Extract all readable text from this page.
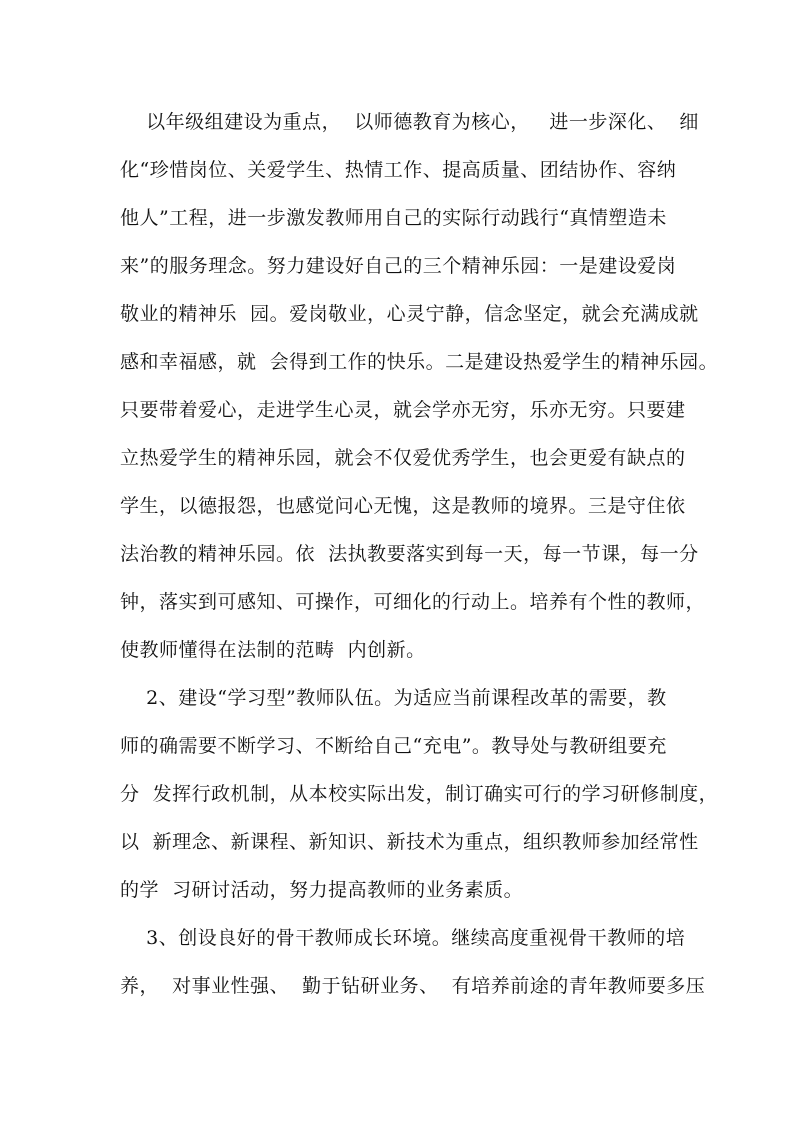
以年级组建设为重点，  以师德教育为核心，   进一步深化、  细
化“珍惜岗位、关爱学生、热情工作、提高质量、团结协作、容纳
他人”工程，进一步激发教师用自己的实际行动践行“真情塑造未
来”的服务理念。努力建设好自己的三个精神乐园：一是建设爱岗
敬业的精神乐  园。爱岗敬业，心灵宁静，信念坚定，就会充满成就
感和幸福感，就  会得到工作的快乐。二是建设热爱学生的精神乐园。
只要带着爱心，走进学生心灵，就会学亦无穷，乐亦无穷。只要建
立热爱学生的精神乐园，就会不仅爱优秀学生，也会更爱有缺点的
学生，以德报怨，也感觉问心无愧，这是教师的境界。三是守住依
法治教的精神乐园。依  法执教要落实到每一天，每一节课，每一分
钟，落实到可感知、可操作，可细化的行动上。培养有个性的教师，
使教师懂得在法制的范畴  内创新。
2、建设“学习型”教师队伍。为适应当前课程改革的需要，教
师的确需要不断学习、不断给自己“充电”。教导处与教研组要充
分  发挥行政机制，从本校实际出发，制订确实可行的学习研修制度，
以  新理念、新课程、新知识、新技术为重点，组织教师参加经常性
的学  习研讨活动，努力提高教师的业务素质。
3、创设良好的骨干教师成长环境。继续高度重视骨干教师的培
养，  对事业性强、  勤于钻研业务、  有培养前途的青年教师要多压
